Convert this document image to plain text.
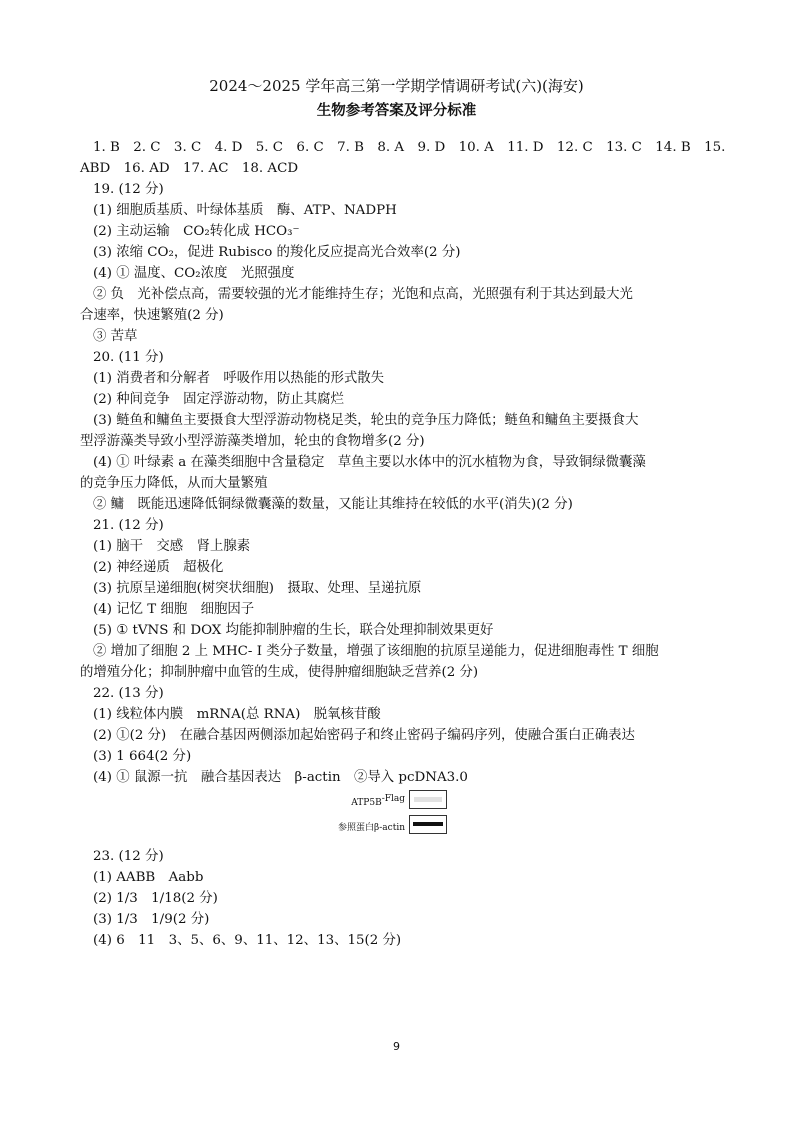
2024～2025 学年高三第一学期学情调研考试(六)(海安)
生物参考答案及评分标准
1. B　2. C　3. C　4. D　5. C　6. C　7. B　8. A　9. D　10. A　11. D　12. C　13. C　14. B　15.
ABD　16. AD　17. AC　18. ACD
19. (12 分)
(1) 细胞质基质、叶绿体基质　酶、ATP、NADPH
(2) 主动运输　CO₂转化成 HCO₃⁻
(3) 浓缩 CO₂，促进 Rubisco 的羧化反应提高光合效率(2 分)
(4) ① 温度、CO₂浓度　光照强度
② 负　光补偿点高，需要较强的光才能维持生存；光饱和点高，光照强有利于其达到最大光
合速率，快速繁殖(2 分)
③ 苦草
20. (11 分)
(1) 消费者和分解者　呼吸作用以热能的形式散失
(2) 种间竞争　固定浮游动物，防止其腐烂
(3) 鲢鱼和鳙鱼主要摄食大型浮游动物桡足类，轮虫的竞争压力降低；鲢鱼和鳙鱼主要摄食大
型浮游藻类导致小型浮游藻类增加，轮虫的食物增多(2 分)
(4) ① 叶绿素 a 在藻类细胞中含量稳定　草鱼主要以水体中的沉水植物为食，导致铜绿微囊藻
的竞争压力降低，从而大量繁殖
② 鳙　既能迅速降低铜绿微囊藻的数量，又能让其维持在较低的水平(消失)(2 分)
21. (12 分)
(1) 脑干　交感　肾上腺素
(2) 神经递质　超极化
(3) 抗原呈递细胞(树突状细胞)　摄取、处理、呈递抗原
(4) 记忆 T 细胞　细胞因子
(5) ① tVNS 和 DOX 均能抑制肿瘤的生长，联合处理抑制效果更好
② 增加了细胞 2 上 MHC- I 类分子数量，增强了该细胞的抗原呈递能力，促进细胞毒性 T 细胞
的增殖分化；抑制肿瘤中血管的生成，使得肿瘤细胞缺乏营养(2 分)
22. (13 分)
(1) 线粒体内膜　mRNA(总 RNA)　脱氧核苷酸
(2) ①(2 分)　在融合基因两侧添加起始密码子和终止密码子编码序列，使融合蛋白正确表达
(3) 1 664(2 分)
(4) ① 鼠源一抗　融合基因表达　β-actin　②导入 pcDNA3.0
$ATP5B^{-Flag}$
参照蛋白β-actin
23. (12 分)
(1) AABB　Aabb
(2) 1/3　1/18(2 分)
(3) 1/3　1/9(2 分)
(4) 6　11　3、5、6、9、11、12、13、15(2 分)
9
